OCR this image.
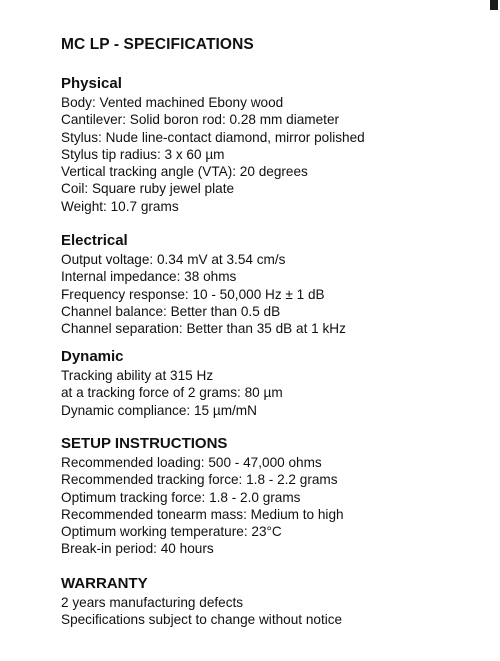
MC LP - SPECIFICATIONS
Physical
Body: Vented machined Ebony wood
Cantilever: Solid boron rod: 0.28 mm diameter
Stylus: Nude line-contact diamond, mirror polished
Stylus tip radius: 3 x 60 µm
Vertical tracking angle (VTA): 20 degrees
Coil: Square ruby jewel plate
Weight: 10.7 grams
Electrical
Output voltage: 0.34 mV at 3.54 cm/s
Internal impedance: 38 ohms
Frequency response: 10 - 50,000 Hz ± 1 dB
Channel balance: Better than 0.5 dB
Channel separation: Better than 35 dB at 1 kHz
Dynamic
Tracking ability at 315 Hz
at a tracking force of 2 grams: 80 µm
Dynamic compliance: 15 µm/mN
SETUP INSTRUCTIONS
Recommended loading: 500 - 47,000 ohms
Recommended tracking force: 1.8 - 2.2 grams
Optimum tracking force: 1.8 - 2.0 grams
Recommended tonearm mass: Medium to high
Optimum working temperature: 23°C
Break-in period: 40 hours
WARRANTY
2 years manufacturing defects
Specifications subject to change without notice
